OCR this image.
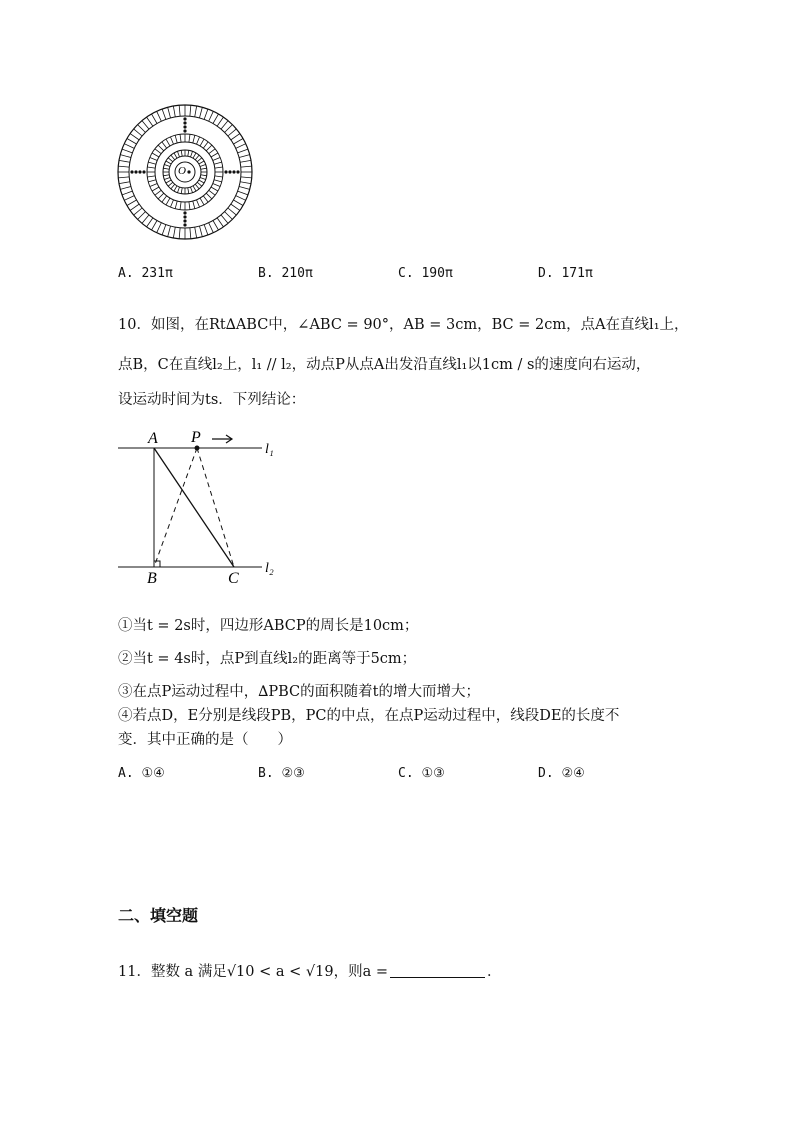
O
A. 231π	B. 210π	C. 190π	D. 171π
10．如图，在Rt∆ABC中，∠ABC = 90°，AB = 3cm，BC = 2cm，点A在直线l₁上，
点B，C在直线l₂上，l₁ // l₂，动点P从点A出发沿直线l₁以1cm / s的速度向右运动，
设运动时间为ts．下列结论：
A P
B	C
l₁
l₂
①当t = 2s时，四边形ABCP的周长是10cm；
②当t = 4s时，点P到直线l₂的距离等于5cm；
③在点P运动过程中，∆PBC的面积随着t的增大而增大；
④若点D，E分别是线段PB，PC的中点，在点P运动过程中，线段DE的长度不
变．其中正确的是（　　）
A. ①④	B. ②③	C. ①③	D. ②④
二、填空题
11．整数 a 满足√10 < a < √19，则a =	．
